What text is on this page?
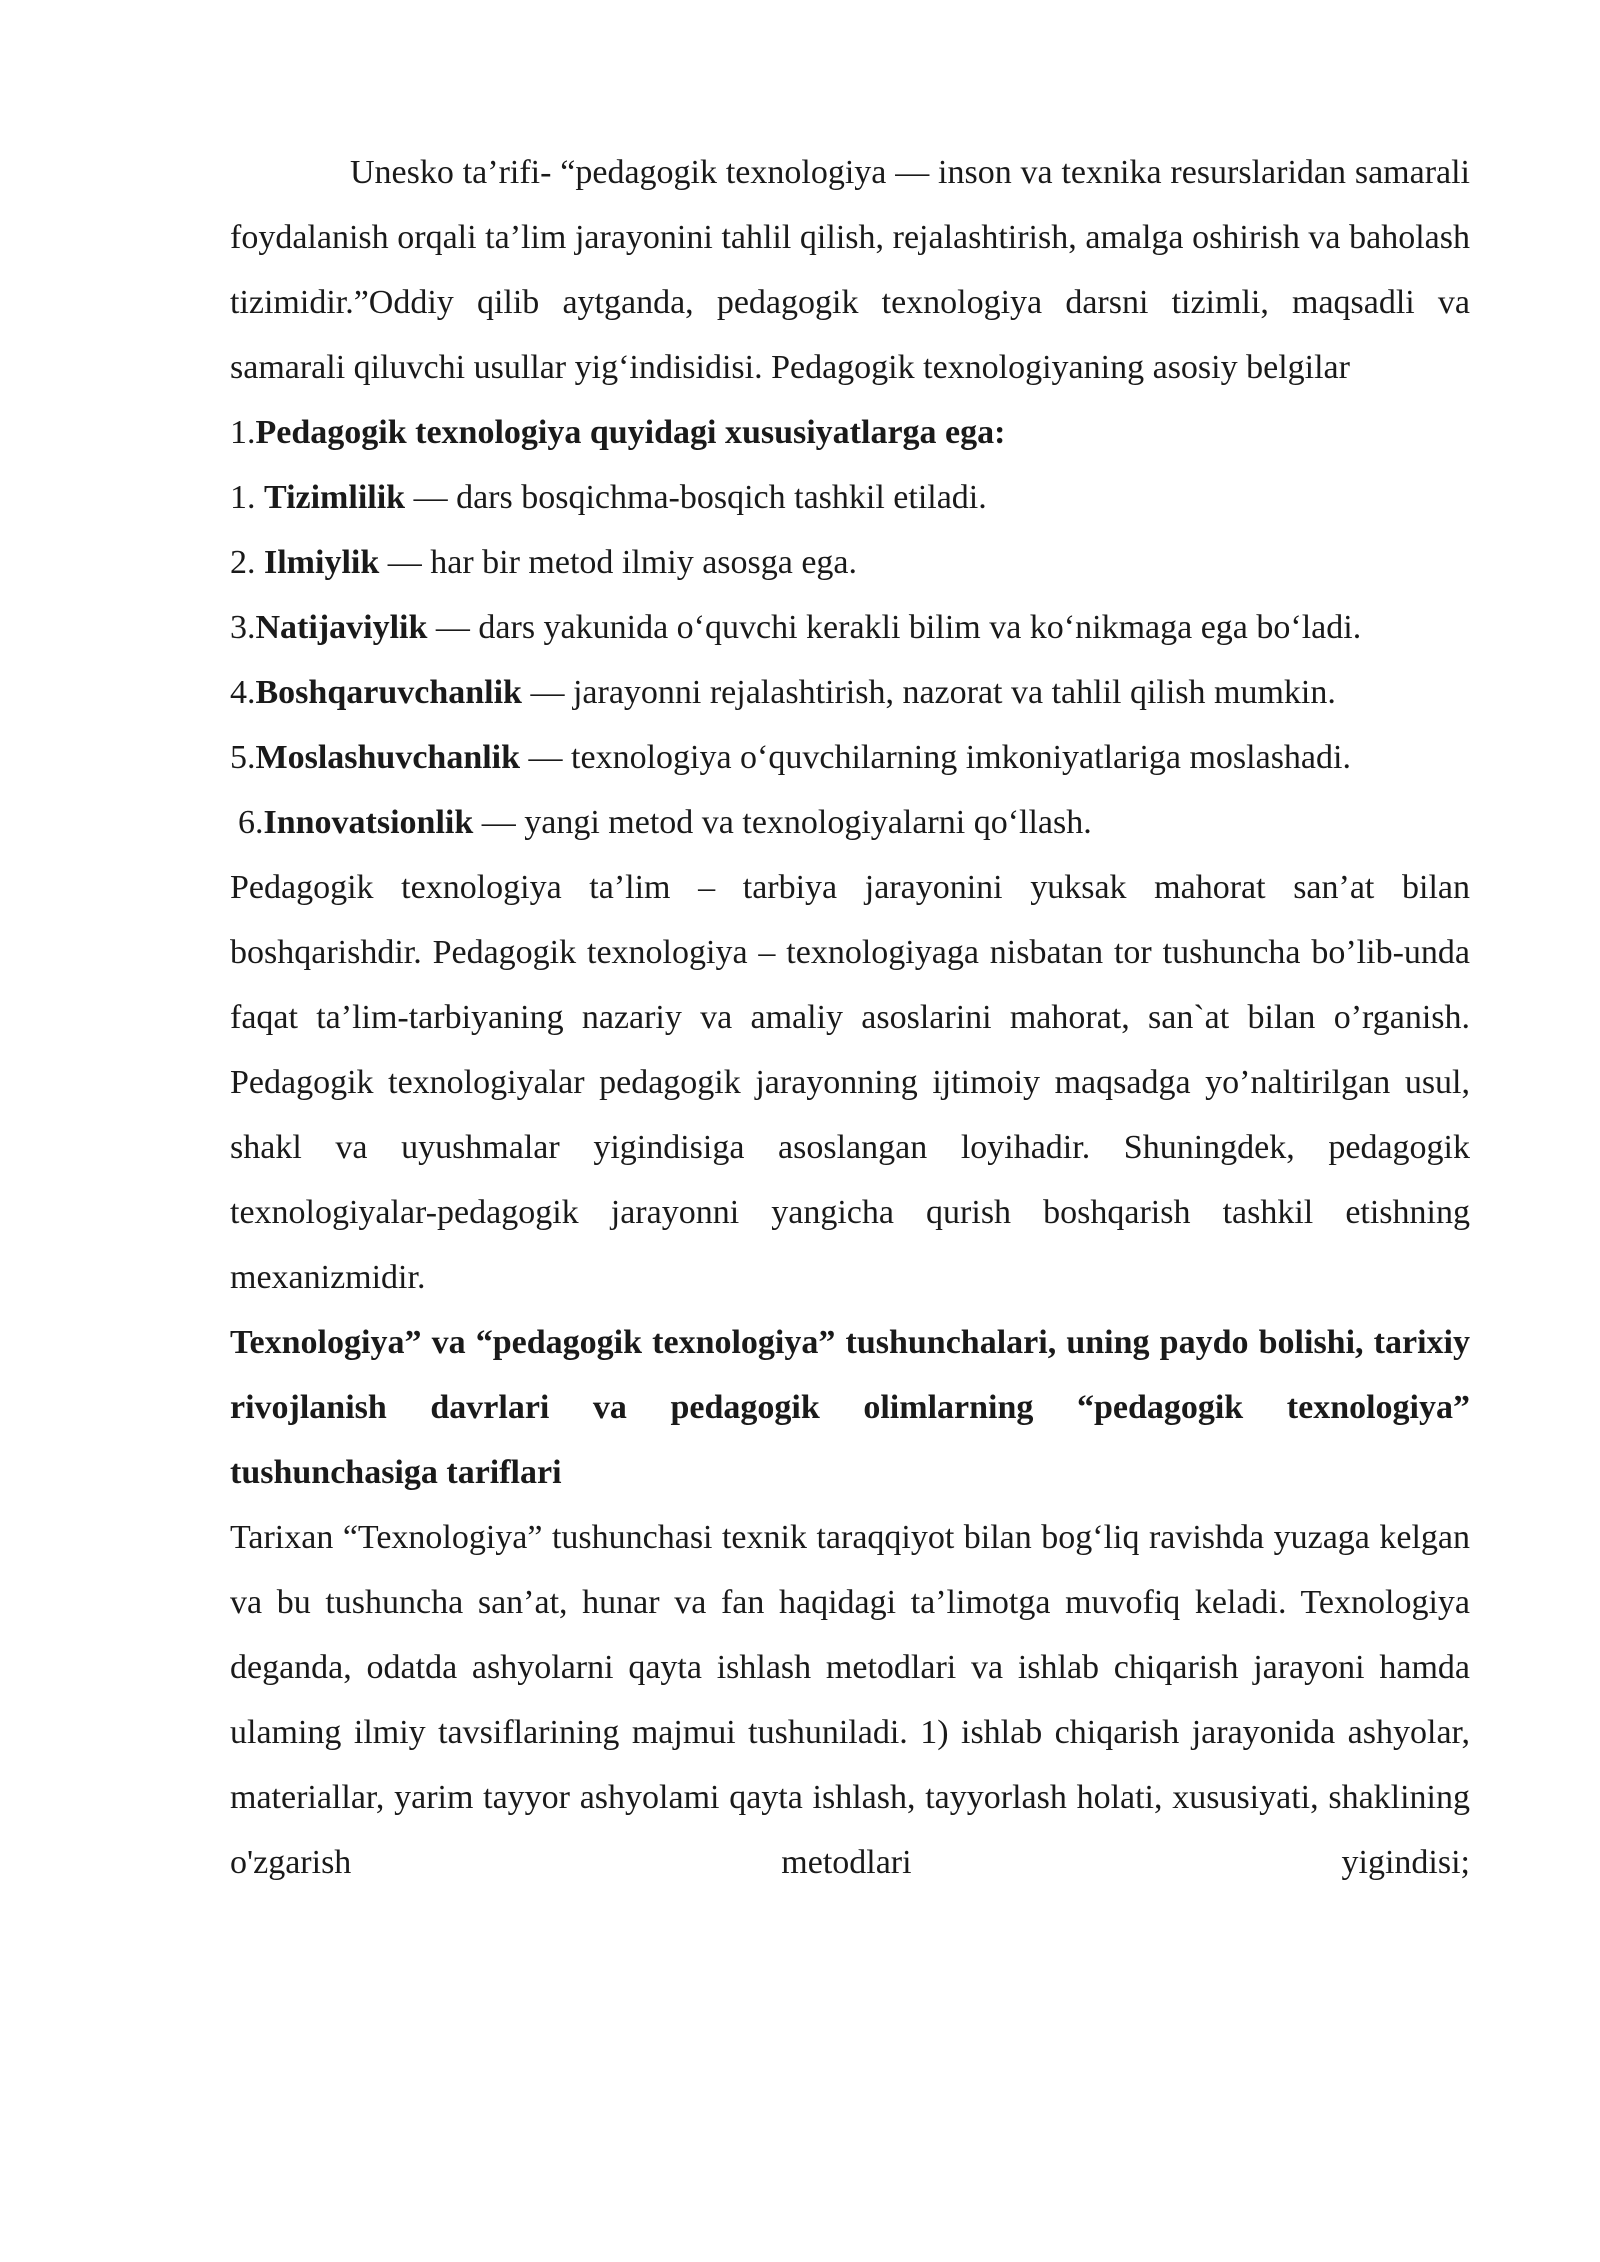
Unesko ta’rifi- “pedagogik texnologiya — inson va texnika resurslaridan samarali foydalanish orqali ta’lim jarayonini tahlil qilish, rejalashtirish, amalga oshirish va baholash tizimidir.”Oddiy qilib aytganda, pedagogik texnologiya darsni tizimli, maqsadli va samarali qiluvchi usullar yig‘indisidisi. Pedagogik texnologiyaning asosiy belgilar

1.Pedagogik texnologiya quyidagi xususiyatlarga ega:

1. Tizimlilik — dars bosqichma-bosqich tashkil etiladi.

2. Ilmiylik — har bir metod ilmiy asosga ega.

3.Natijaviylik — dars yakunida o‘quvchi kerakli bilim va ko‘nikmaga ega bo‘ladi.

4.Boshqaruvchanlik — jarayonni rejalashtirish, nazorat va tahlil qilish mumkin.

5.Moslashuvchanlik — texnologiya o‘quvchilarning imkoniyatlariga moslashadi.

6.Innovatsionlik — yangi metod va texnologiyalarni qo‘llash.

Pedagogik texnologiya ta’lim – tarbiya jarayonini yuksak mahorat san’at bilan boshqarishdir. Pedagogik texnologiya – texnologiyaga nisbatan tor tushuncha bo’lib-unda faqat ta’lim-tarbiyaning nazariy va amaliy asoslarini mahorat, san`at bilan o’rganish. Pedagogik texnologiyalar pedagogik jarayonning ijtimoiy maqsadga yo’naltirilgan usul, shakl va uyushmalar yigindisiga asoslangan loyihadir. Shuningdek, pedagogik texnologiyalar-pedagogik jarayonni yangicha qurish boshqarish tashkil etishning mexanizmidir.

Texnologiya” va “pedagogik texnologiya” tushunchalari, uning paydo bolishi, tarixiy rivojlanish davrlari va pedagogik olimlarning “pedagogik texnologiya” tushunchasiga tariflari

Tarixan “Texnologiya” tushunchasi texnik taraqqiyot bilan bog‘liq ravishda yuzaga kelgan va bu tushuncha san’at, hunar va fan haqidagi ta’limotga muvofiq keladi. Texnologiya deganda, odatda ashyolarni qayta ishlash metodlari va ishlab chiqarish jarayoni hamda ulaming ilmiy tavsiflarining majmui tushuniladi. 1) ishlab chiqarish jarayonida ashyolar, materiallar, yarim tayyor ashyolami qayta ishlash, tayyorlash holati, xususiyati, shaklining o'zgarish metodlari yigindisi;
